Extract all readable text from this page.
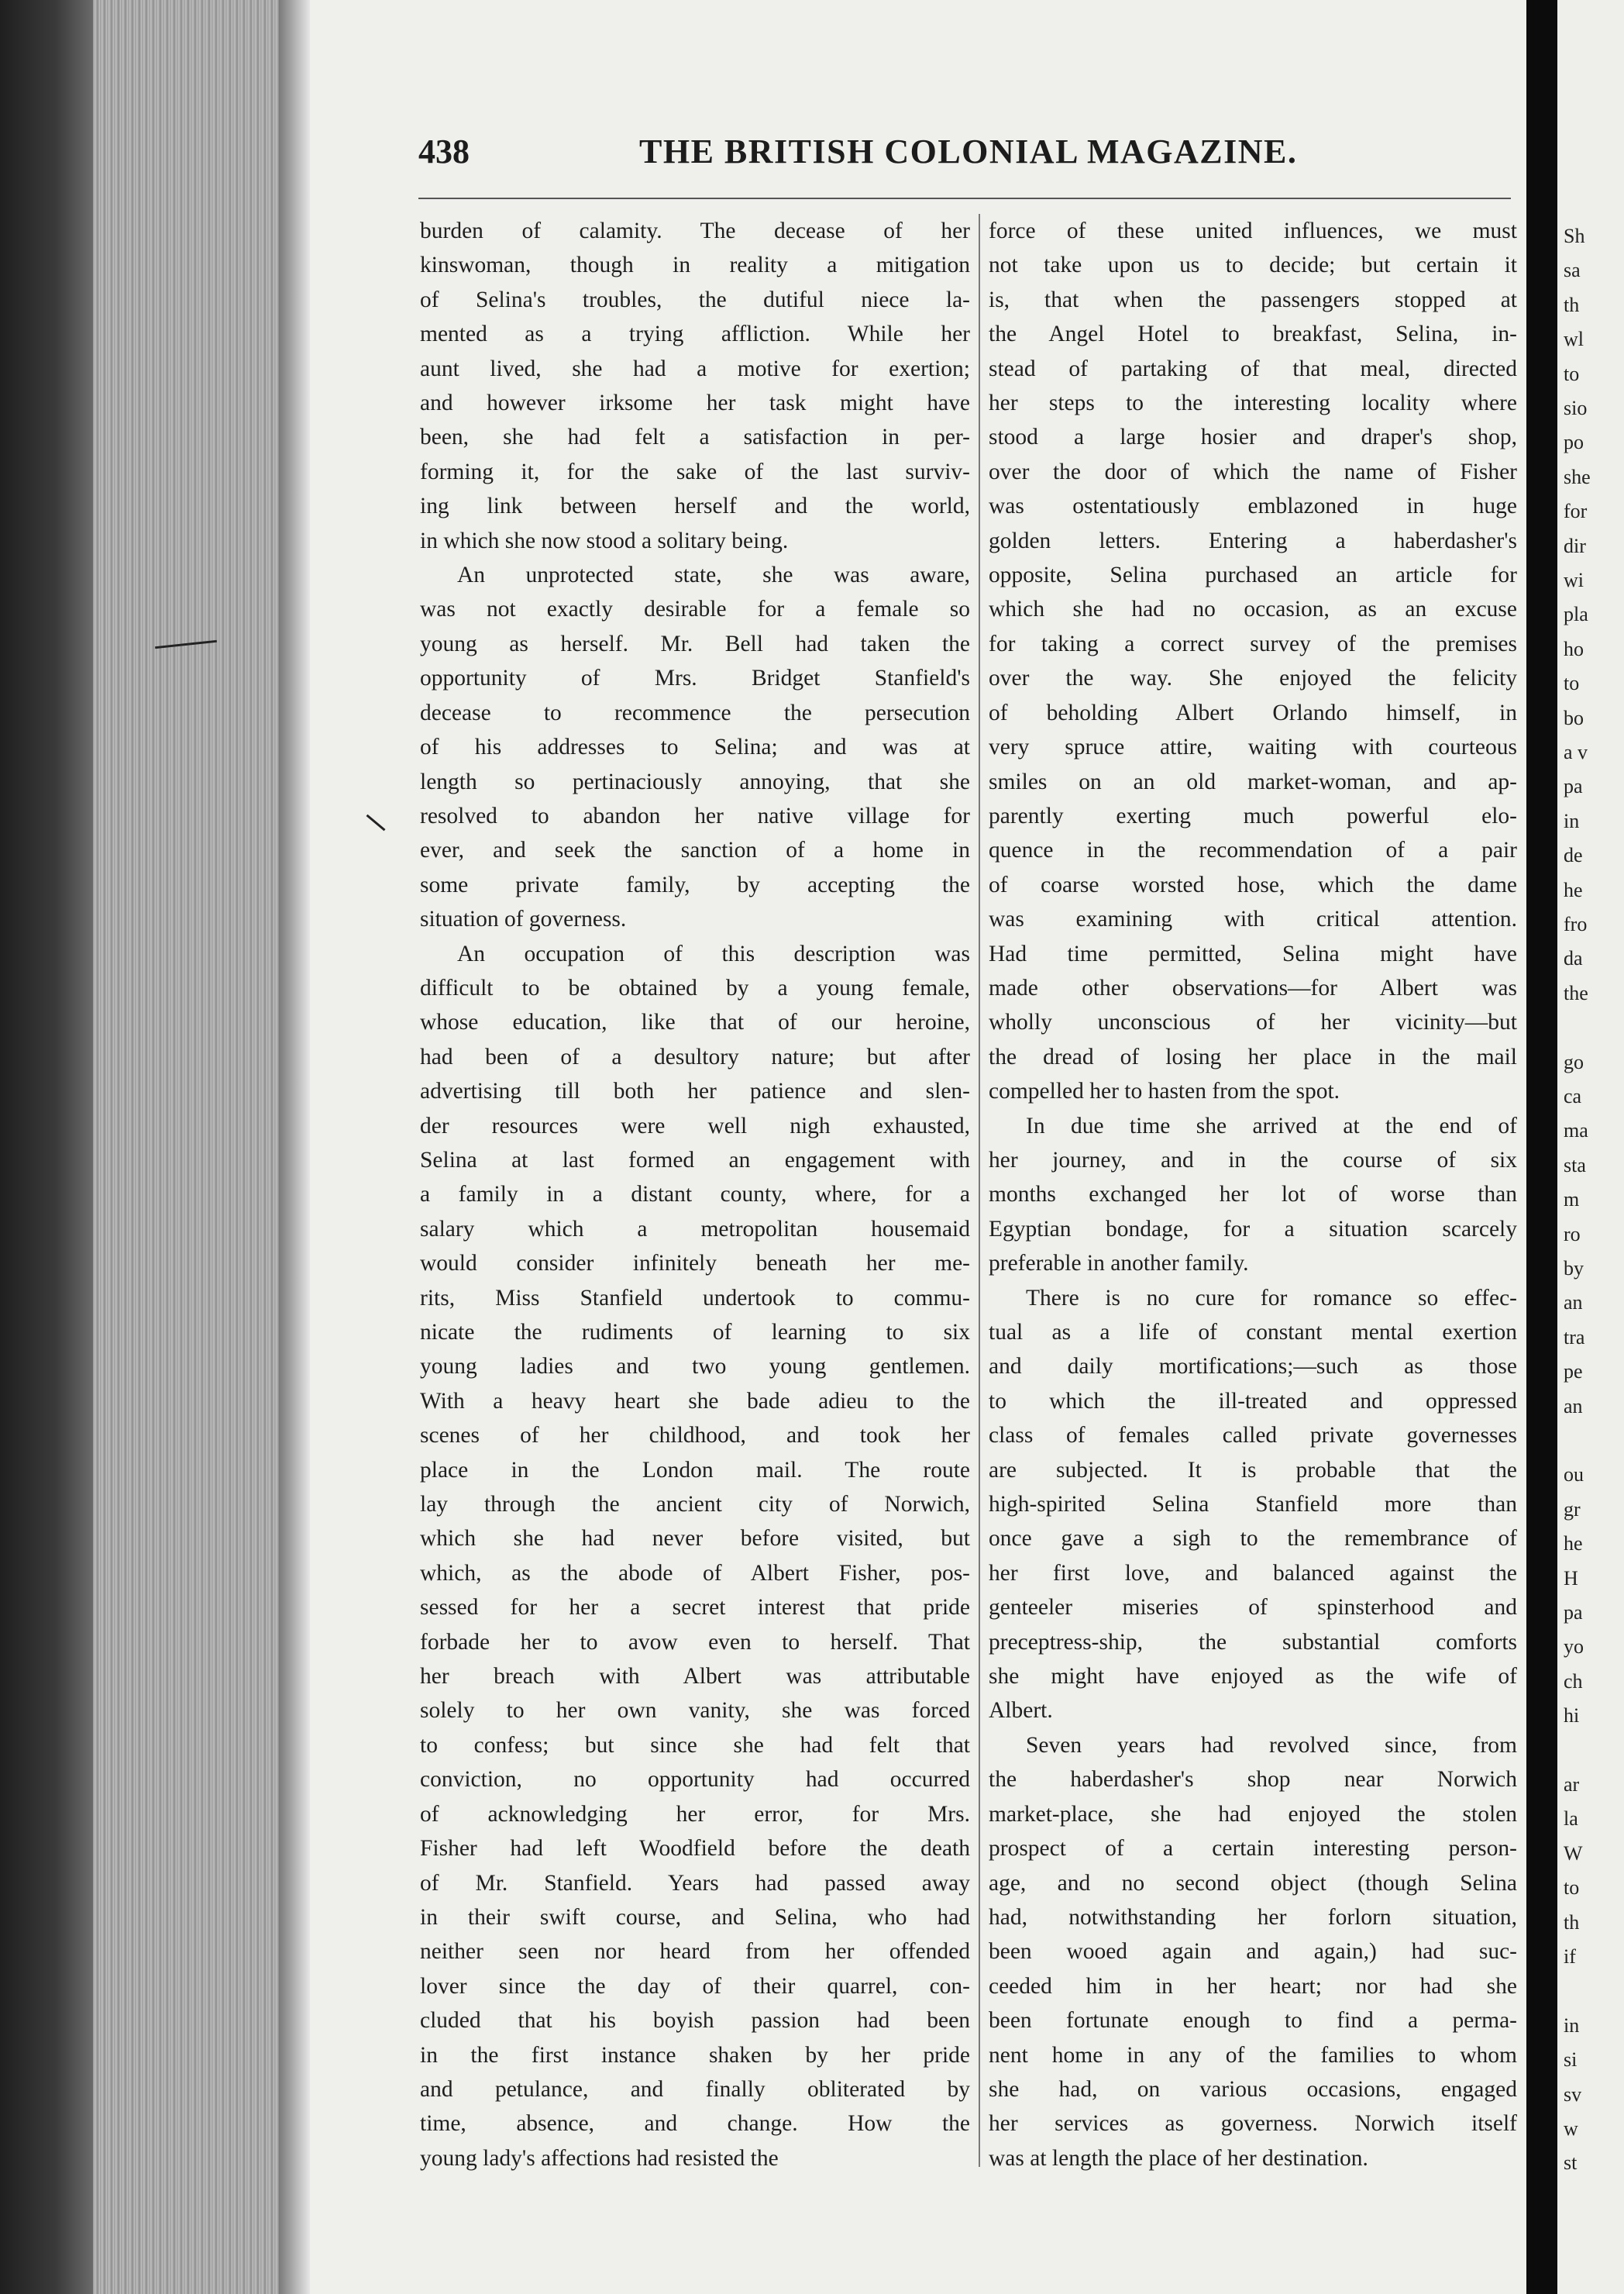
Sh
sa
th
wl
to
sio
po
she
for
dir
wi
pla
ho
to
bo
a v
pa
in
de
he
fro
da
the
go
ca
ma
sta
m
ro
by
an
tra
pe
an
ou
gr
he
H
pa
yo
ch
hi
ar
la
W
to
th
if
in
si
sv
w
st
438	THE BRITISH COLONIAL MAGAZINE.
burden of calamity. The decease of her
kinswoman, though in reality a mitigation
of Selina's troubles, the dutiful niece la-
mented as a trying affliction. While her
aunt lived, she had a motive for exertion;
and however irksome her task might have
been, she had felt a satisfaction in per-
forming it, for the sake of the last surviv-
ing link between herself and the world,
in which she now stood a solitary being.
An unprotected state, she was aware,
was not exactly desirable for a female so
young as herself. Mr. Bell had taken the
opportunity of Mrs. Bridget Stanfield's
decease to recommence the persecution
of his addresses to Selina; and was at
length so pertinaciously annoying, that she
resolved to abandon her native village for
ever, and seek the sanction of a home in
some private family, by accepting the
situation of governess.
An occupation of this description was
difficult to be obtained by a young female,
whose education, like that of our heroine,
had been of a desultory nature; but after
advertising till both her patience and slen-
der resources were well nigh exhausted,
Selina at last formed an engagement with
a family in a distant county, where, for a
salary which a metropolitan housemaid
would consider infinitely beneath her me-
rits, Miss Stanfield undertook to commu-
nicate the rudiments of learning to six
young ladies and two young gentlemen.
With a heavy heart she bade adieu to the
scenes of her childhood, and took her
place in the London mail. The route
lay through the ancient city of Norwich,
which she had never before visited, but
which, as the abode of Albert Fisher, pos-
sessed for her a secret interest that pride
forbade her to avow even to herself. That
her breach with Albert was attributable
solely to her own vanity, she was forced
to confess; but since she had felt that
conviction, no opportunity had occurred
of acknowledging her error, for Mrs.
Fisher had left Woodfield before the death
of Mr. Stanfield. Years had passed away
in their swift course, and Selina, who had
neither seen nor heard from her offended
lover since the day of their quarrel, con-
cluded that his boyish passion had been
in the first instance shaken by her pride
and petulance, and finally obliterated by
time, absence, and change. How the
young lady's affections had resisted the
force of these united influences, we must
not take upon us to decide; but certain it
is, that when the passengers stopped at
the Angel Hotel to breakfast, Selina, in-
stead of partaking of that meal, directed
her steps to the interesting locality where
stood a large hosier and draper's shop,
over the door of which the name of Fisher
was ostentatiously emblazoned in huge
golden letters. Entering a haberdasher's
opposite, Selina purchased an article for
which she had no occasion, as an excuse
for taking a correct survey of the premises
over the way. She enjoyed the felicity
of beholding Albert Orlando himself, in
very spruce attire, waiting with courteous
smiles on an old market-woman, and ap-
parently exerting much powerful elo-
quence in the recommendation of a pair
of coarse worsted hose, which the dame
was examining with critical attention.
Had time permitted, Selina might have
made other observations—for Albert was
wholly unconscious of her vicinity—but
the dread of losing her place in the mail
compelled her to hasten from the spot.
In due time she arrived at the end of
her journey, and in the course of six
months exchanged her lot of worse than
Egyptian bondage, for a situation scarcely
preferable in another family.
There is no cure for romance so effec-
tual as a life of constant mental exertion
and daily mortifications;—such as those
to which the ill-treated and oppressed
class of females called private governesses
are subjected. It is probable that the
high-spirited Selina Stanfield more than
once gave a sigh to the remembrance of
her first love, and balanced against the
genteeler miseries of spinsterhood and
preceptress-ship, the substantial comforts
she might have enjoyed as the wife of
Albert.
Seven years had revolved since, from
the haberdasher's shop near Norwich
market-place, she had enjoyed the stolen
prospect of a certain interesting person-
age, and no second object (though Selina
had, notwithstanding her forlorn situation,
been wooed again and again,) had suc-
ceeded him in her heart; nor had she
been fortunate enough to find a perma-
nent home in any of the families to whom
she had, on various occasions, engaged
her services as governess. Norwich itself
was at length the place of her destination.
